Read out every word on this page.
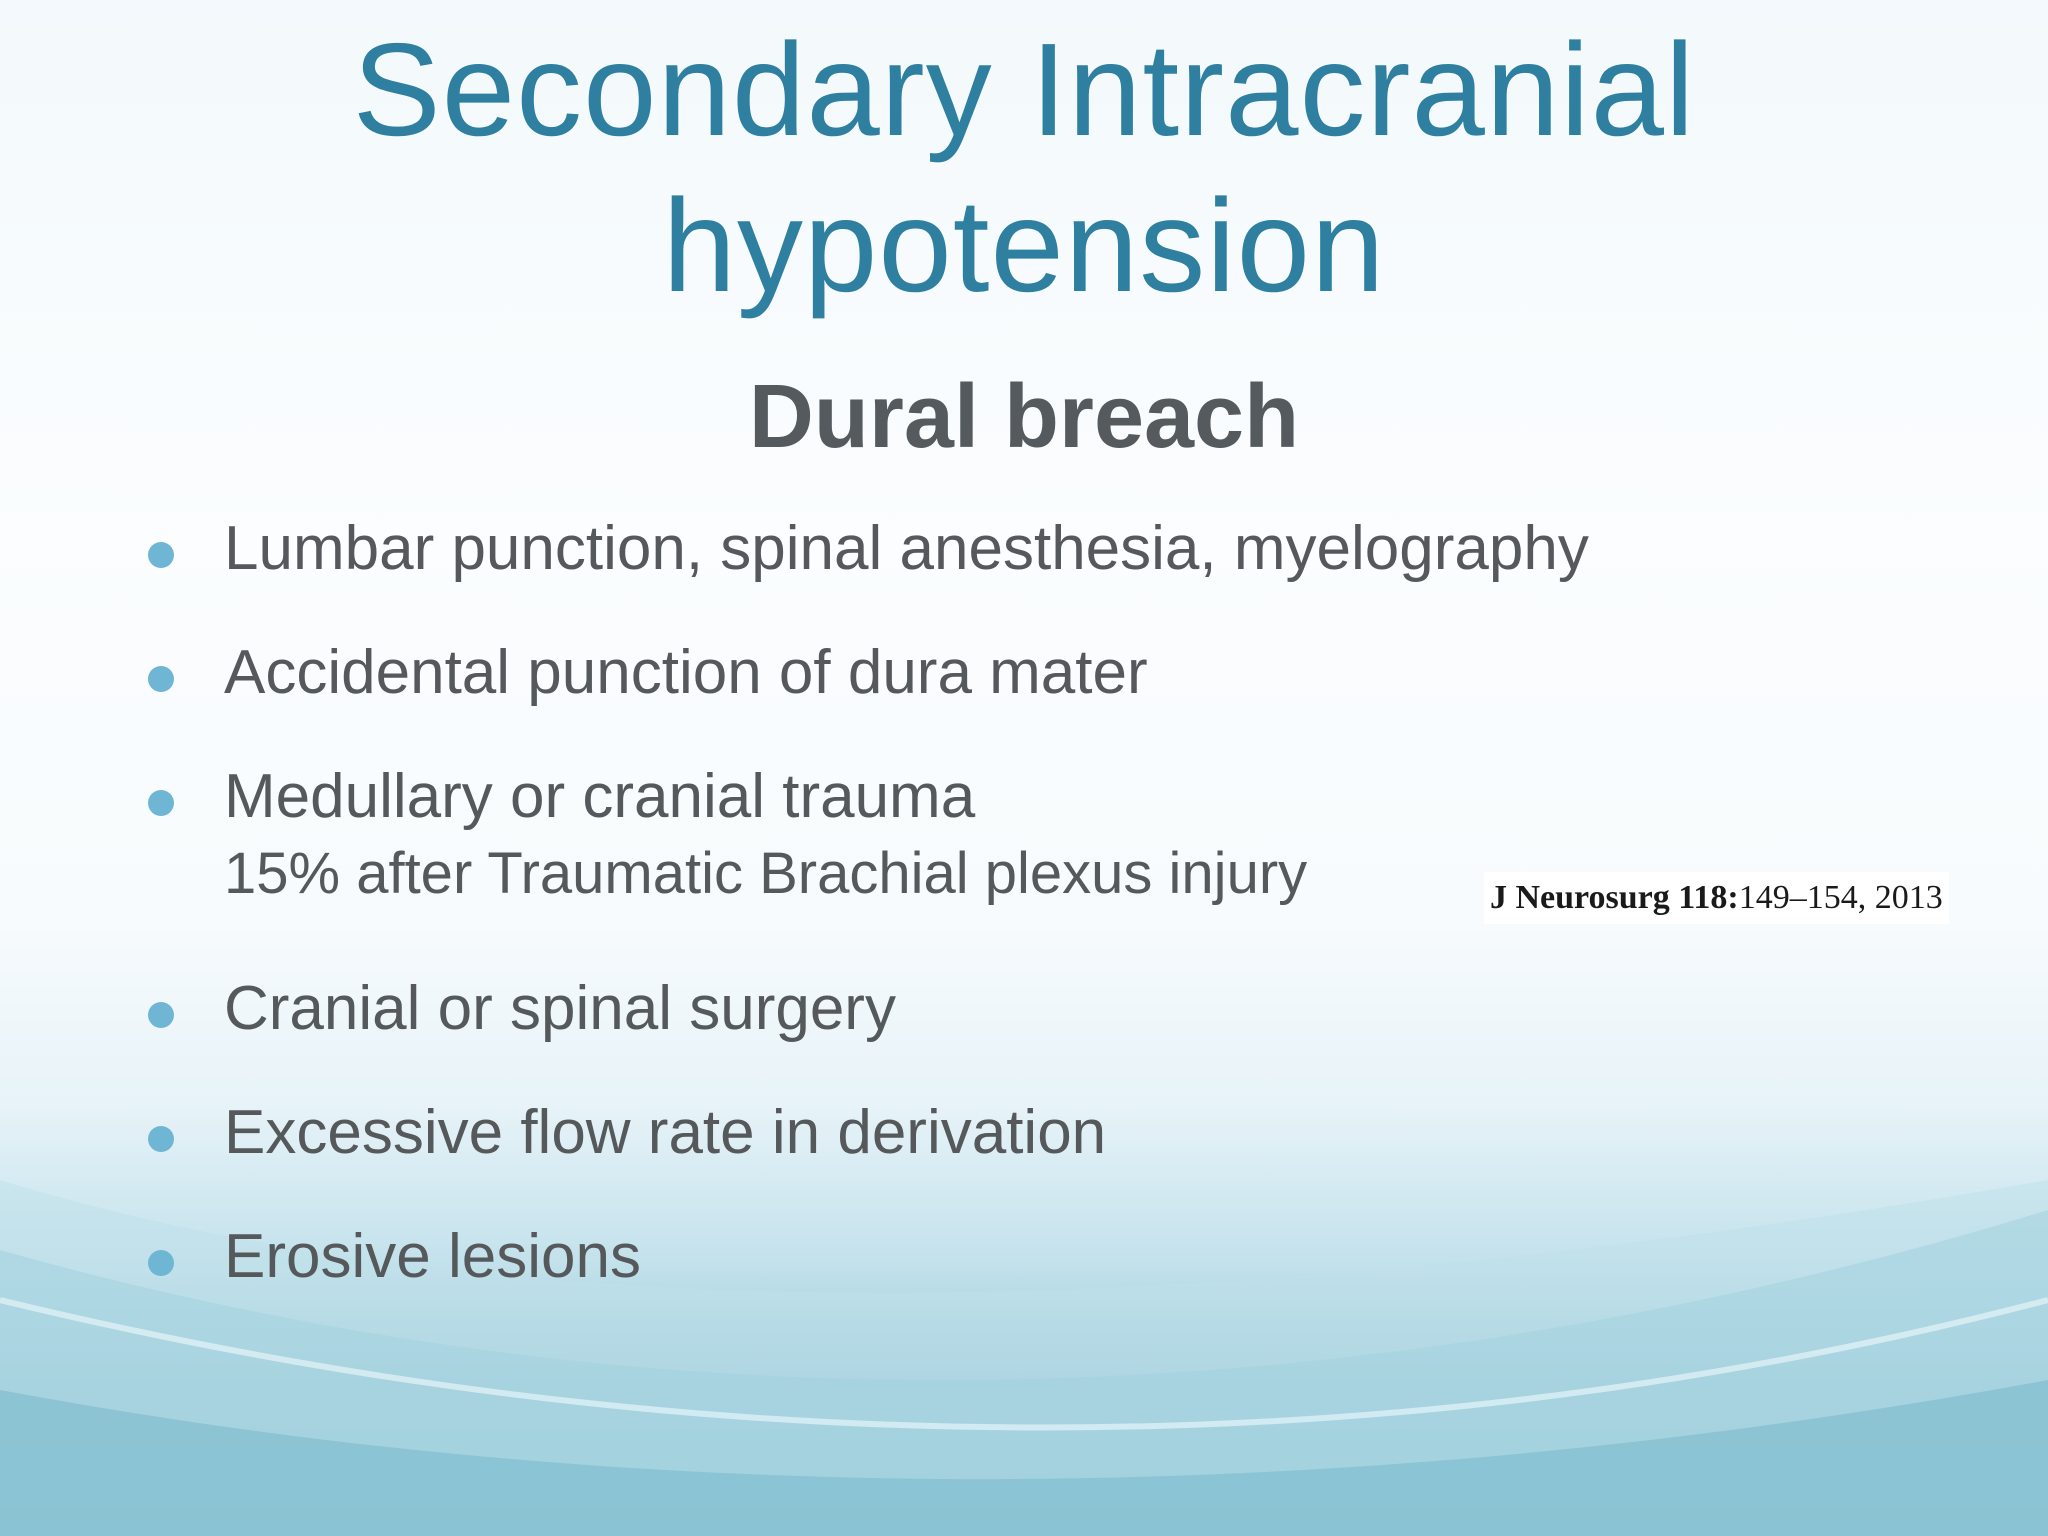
Secondary Intracranial
hypotension
Dural breach
Lumbar punction, spinal anesthesia, myelography
Accidental punction of dura mater
Medullary or cranial trauma
15% after Traumatic Brachial plexus injury
Cranial or spinal surgery
Excessive flow rate in derivation
Erosive lesions
J Neurosurg 118:149–154, 2013
